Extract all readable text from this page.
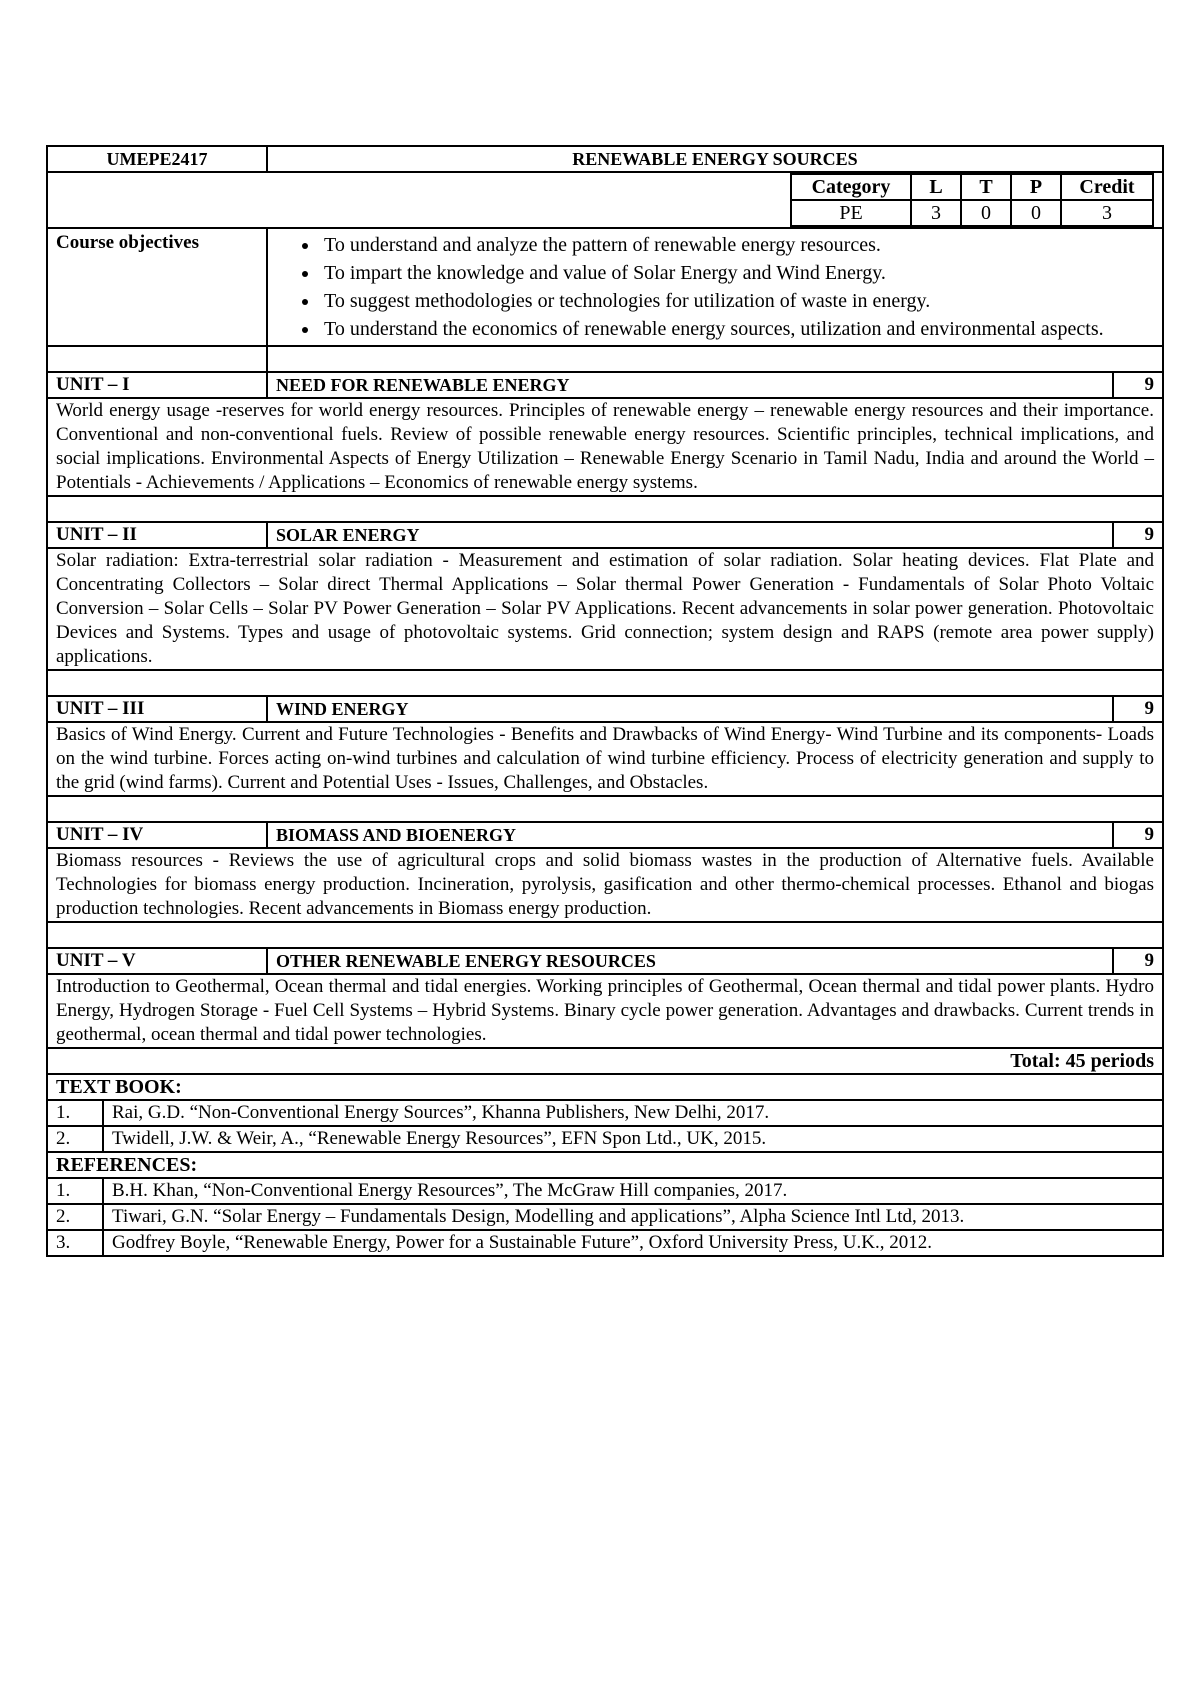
UMEPE2417	RENEWABLE ENERGY SOURCES

Category	L	T	P	Credit
PE	3	0	0	3

Course objectives	
•To understand and analyze the pattern of renewable energy resources.
• To impart the knowledge and value of Solar Energy and Wind Energy.
• To suggest methodologies or technologies for utilization of waste in energy.
• To understand the economics of renewable energy sources, utilization and environmental aspects.

UNIT – I	NEED FOR RENEWABLE ENERGY	9
World energy usage -reserves for world energy resources. Principles of renewable energy – renewable energy resources and their importance. Conventional and non-conventional fuels. Review of possible renewable energy resources. Scientific principles, technical implications, and social implications. Environmental Aspects of Energy Utilization – Renewable Energy Scenario in Tamil Nadu, India and around the World – Potentials - Achievements / Applications – Economics of renewable energy systems.

UNIT – II	SOLAR ENERGY	9
Solar radiation: Extra-terrestrial solar radiation - Measurement and estimation of solar radiation. Solar heating devices. Flat Plate and Concentrating Collectors – Solar direct Thermal Applications – Solar thermal Power Generation - Fundamentals of Solar Photo Voltaic Conversion – Solar Cells – Solar PV Power Generation – Solar PV Applications. Recent advancements in solar power generation. Photovoltaic Devices and Systems. Types and usage of photovoltaic systems. Grid connection; system design and RAPS (remote area power supply) applications.

UNIT – III	WIND ENERGY	9
Basics of Wind Energy. Current and Future Technologies - Benefits and Drawbacks of Wind Energy- Wind Turbine and its components- Loads on the wind turbine. Forces acting on-wind turbines and calculation of wind turbine efficiency. Process of electricity generation and supply to the grid (wind farms). Current and Potential Uses - Issues, Challenges, and Obstacles.

UNIT – IV	BIOMASS AND BIOENERGY	9
Biomass resources - Reviews the use of agricultural crops and solid biomass wastes in the production of Alternative fuels. Available Technologies for biomass energy production. Incineration, pyrolysis, gasification and other thermo-chemical processes. Ethanol and biogas production technologies. Recent advancements in Biomass energy production.

UNIT – V	OTHER RENEWABLE ENERGY RESOURCES	9
Introduction to Geothermal, Ocean thermal and tidal energies. Working principles of Geothermal, Ocean thermal and tidal power plants. Hydro Energy, Hydrogen Storage - Fuel Cell Systems – Hybrid Systems. Binary cycle power generation. Advantages and drawbacks. Current trends in geothermal, ocean thermal and tidal power technologies.
Total: 45 periods
TEXT BOOK:	
1.	Rai, G.D. “Non-Conventional Energy Sources”, Khanna Publishers, New Delhi, 2017.
2.	Twidell, J.W. & Weir, A., “Renewable Energy Resources”, EFN Spon Ltd., UK, 2015.
REFERENCES:	
1.	B.H. Khan, “Non-Conventional Energy Resources”, The McGraw Hill companies, 2017.
2.	Tiwari, G.N. “Solar Energy – Fundamentals Design, Modelling and applications”, Alpha Science Intl Ltd, 2013.
3.	Godfrey Boyle, “Renewable Energy, Power for a Sustainable Future”, Oxford University Press, U.K., 2012.
